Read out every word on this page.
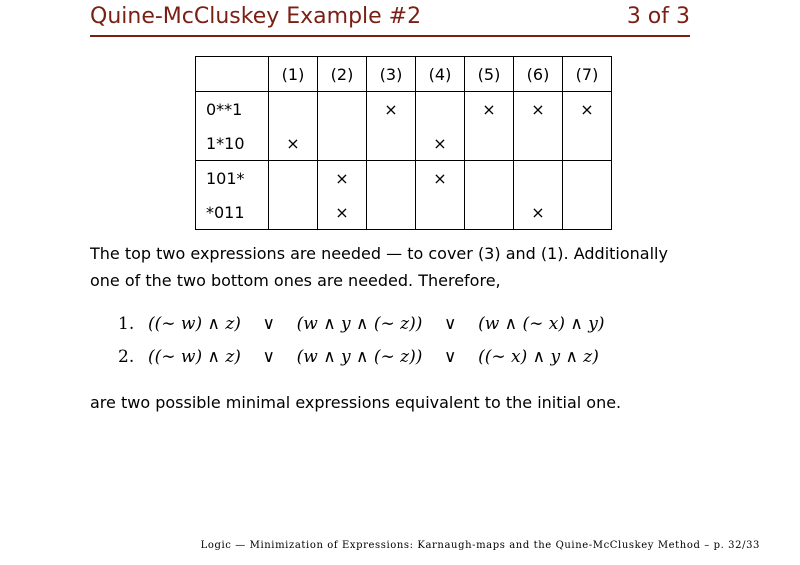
Quine-McCluskey Example #2	3 of 3
	(1)	(2)	(3)	(4)	(5)	(6)	(7)
0**1			×		×	×	×
1*10	×			×			
101*		×		×			
*011		×				×	
The top two expressions are needed — to cover (3) and (1). Additionally
one of the two bottom ones are needed. Therefore,
1. ((∼ w) ∧ z)    ∨    (w ∧ y ∧ (∼ z))    ∨    (w ∧ (∼ x) ∧ y)
2. ((∼ w) ∧ z)    ∨    (w ∧ y ∧ (∼ z))    ∨    ((∼ x) ∧ y ∧ z)
are two possible minimal expressions equivalent to the initial one.
Logic — Minimization of Expressions: Karnaugh-maps and the Quine-McCluskey Method – p. 32/33
